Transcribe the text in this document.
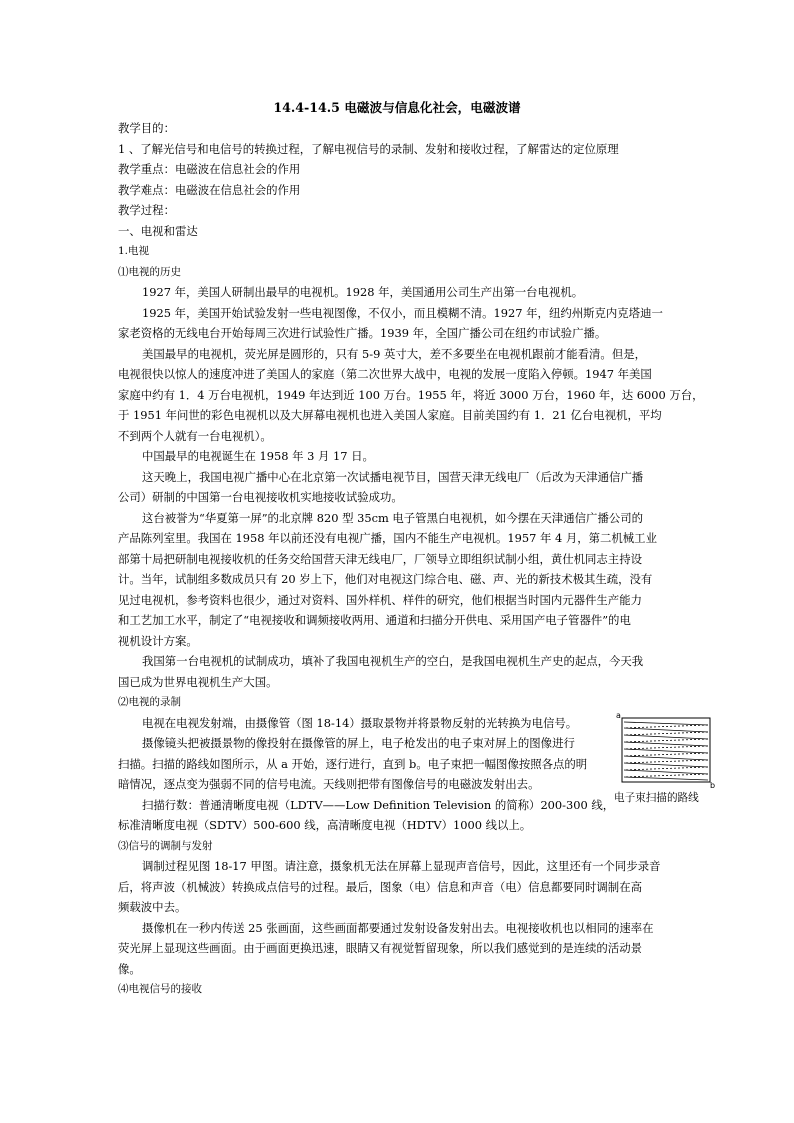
14.4-14.5 电磁波与信息化社会，电磁波谱
教学目的：
1 、了解光信号和电信号的转换过程，了解电视信号的录制、发射和接收过程，了解雷达的定位原理
教学重点：电磁波在信息社会的作用
教学难点：电磁波在信息社会的作用
教学过程：
一、电视和雷达
1.电视
⑴电视的历史
1927 年，美国人研制出最早的电视机。1928 年，美国通用公司生产出第一台电视机。
1925 年，美国开始试验发射一些电视图像，不仅小，而且模糊不清。1927 年，纽约州斯克内克塔迪一
家老资格的无线电台开始每周三次进行试验性广播。1939 年，全国广播公司在纽约市试验广播。
美国最早的电视机，荧光屏是圆形的，只有 5-9 英寸大，差不多要坐在电视机跟前才能看清。但是，
电视很快以惊人的速度冲进了美国人的家庭（第二次世界大战中，电视的发展一度陷入停顿。1947 年美国
家庭中约有 1．4 万台电视机，1949 年达到近 100 万台。1955 年，将近 3000 万台，1960 年，达 6000 万台，
于 1951 年问世的彩色电视机以及大屏幕电视机也进入美国人家庭。目前美国约有 1．21 亿台电视机，平均
不到两个人就有一台电视机）。
中国最早的电视诞生在 1958 年 3 月 17 日。
这天晚上，我国电视广播中心在北京第一次试播电视节目，国营天津无线电厂（后改为天津通信广播
公司）研制的中国第一台电视接收机实地接收试验成功。
这台被誉为“华夏第一屏”的北京牌 820 型 35cm 电子管黑白电视机，如今摆在天津通信广播公司的
产品陈列室里。我国在 1958 年以前还没有电视广播，国内不能生产电视机。1957 年 4 月，第二机械工业
部第十局把研制电视接收机的任务交给国营天津无线电厂，厂领导立即组织试制小组，黄仕机同志主持设
计。当年，试制组多数成员只有 20 岁上下，他们对电视这门综合电、磁、声、光的新技术极其生疏，没有
见过电视机，参考资料也很少，通过对资料、国外样机、样件的研究，他们根据当时国内元器件生产能力
和工艺加工水平，制定了“电视接收和调频接收两用、通道和扫描分开供电、采用国产电子管器件”的电
视机设计方案。
我国第一台电视机的试制成功，填补了我国电视机生产的空白，是我国电视机生产史的起点，今天我
国已成为世界电视机生产大国。
⑵电视的录制
电视在电视发射端，由摄像管（图 18-14）摄取景物并将景物反射的光转换为电信号。
摄像镜头把被摄景物的像投射在摄像管的屏上，电子枪发出的电子束对屏上的图像进行
扫描。扫描的路线如图所示，从 a 开始，逐行进行，直到 b。电子束把一幅图像按照各点的明
暗情况，逐点变为强弱不同的信号电流。天线则把带有图像信号的电磁波发射出去。
扫描行数：普通清晰度电视（LDTV——Low Definition Television 的简称）200-300 线，
标准清晰度电视（SDTV）500-600 线，高清晰度电视（HDTV）1000 线以上。
⑶信号的调制与发射
调制过程见图 18-17 甲图。请注意，摄象机无法在屏幕上显现声音信号，因此，这里还有一个同步录音
后，将声波（机械波）转换成点信号的过程。最后，图象（电）信息和声音（电）信息都要同时调制在高
频载波中去。
摄像机在一秒内传送 25 张画面，这些画面都要通过发射设备发射出去。电视接收机也以相同的速率在
荧光屏上显现这些画面。由于画面更换迅速，眼睛又有视觉暂留现象，所以我们感觉到的是连续的活动景
像。
⑷电视信号的接收
a
b
电子束扫描的路线
